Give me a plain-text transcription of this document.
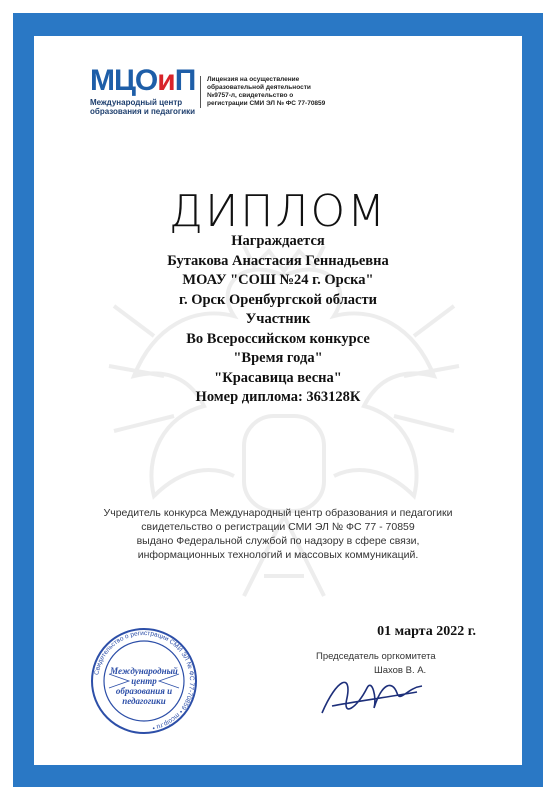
МЦО и П
Международный центр
образования и педагогики
Лицензия на осуществление образовательной деятельности №9757-л, свидетельство о регистрации СМИ ЭЛ № ФС 77-70859
ДИПЛОМ
Награждается
Бутакова Анастасия Геннадьевна
МОАУ "СОШ №24 г. Орска"
г. Орск Оренбургской области
Участник
Во Всероссийском конкурсе
"Время года"
"Красавица весна"
Номер диплома: 363128К
Учредитель конкурса Международный центр образования и педагогики
свидетельство о регистрации СМИ ЭЛ № ФС 77 - 70859
выдано Федеральной службой по надзору в сфере связи,
информационных технологий и массовых коммуникаций.
01 марта 2022 г.
Председатель оргкомитета
Шахов В. А.
Международный
центр
образования и
педагогики
Свидетельство о регистрации СМИ ЭЛ № ФС 77-70859 • mcoip.ru •
